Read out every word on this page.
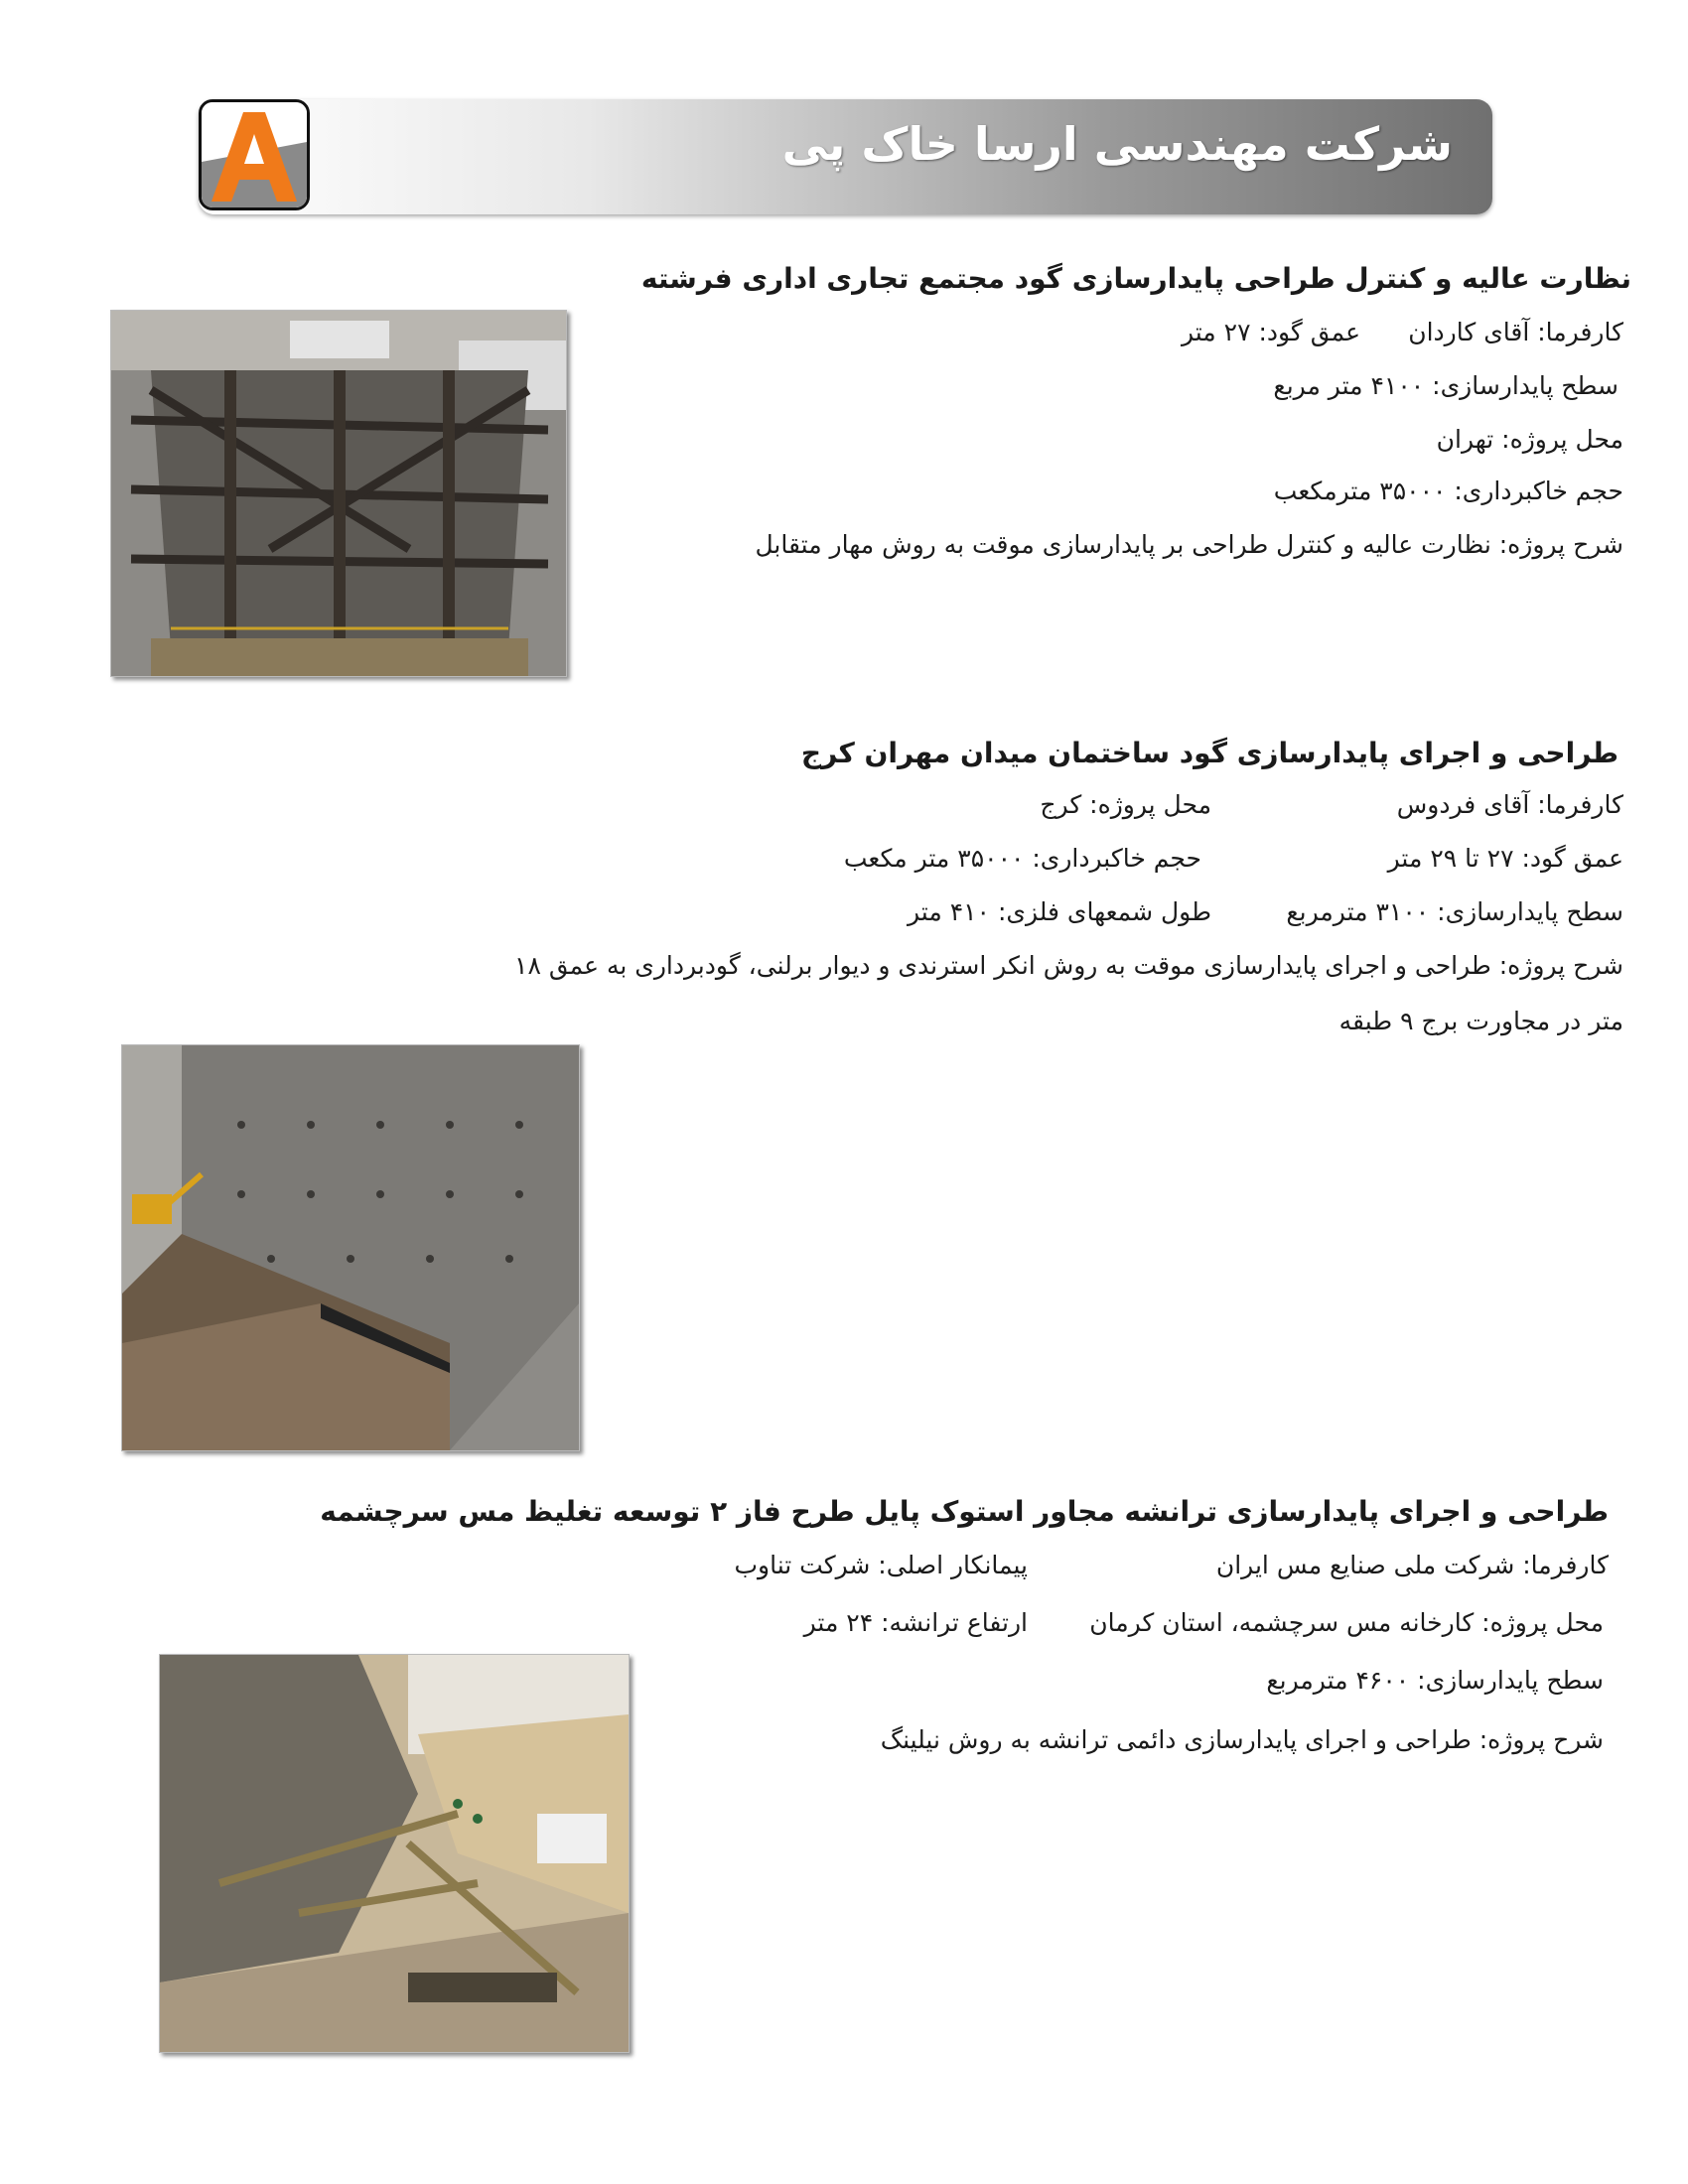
شرکت مهندسی ارسا خاک پی
نظارت عالیه و کنترل طراحی پایدارسازی گود مجتمع تجاری اداری فرشته
کارفرما: آقای کاردان
عمق گود: ۲۷ متر
سطح پایدارسازی: ۴۱۰۰ متر مربع
محل پروژه: تهران
حجم خاکبرداری: ۳۵۰۰۰ مترمکعب
شرح پروژه: نظارت عالیه و کنترل طراحی بر پایدارسازی موقت به روش مهار متقابل
طراحی و اجرای پایدارسازی گود ساختمان میدان مهران کرج
کارفرما: آقای فردوس
محل پروژه: کرج
عمق گود: ۲۷ تا ۲۹ متر
حجم خاکبرداری: ۳۵۰۰۰ متر مکعب
سطح پایدارسازی: ۳۱۰۰ مترمربع
طول شمعهای فلزی: ۴۱۰ متر
شرح پروژه: طراحی و اجرای پایدارسازی موقت به روش انکر استرندی و دیوار برلنی، گودبرداری به عمق ۱۸
متر در مجاورت برج ۹ طبقه
طراحی و اجرای پایدارسازی ترانشه مجاور استوک پایل طرح فاز ۲ توسعه تغلیظ مس سرچشمه
کارفرما: شرکت ملی صنایع مس ایران
پیمانکار اصلی: شرکت تناوب
محل پروژه: کارخانه مس سرچشمه، استان کرمان
ارتفاع ترانشه: ۲۴ متر
سطح پایدارسازی: ۴۶۰۰ مترمربع
شرح پروژه: طراحی و اجرای پایدارسازی دائمی ترانشه به روش نیلینگ
